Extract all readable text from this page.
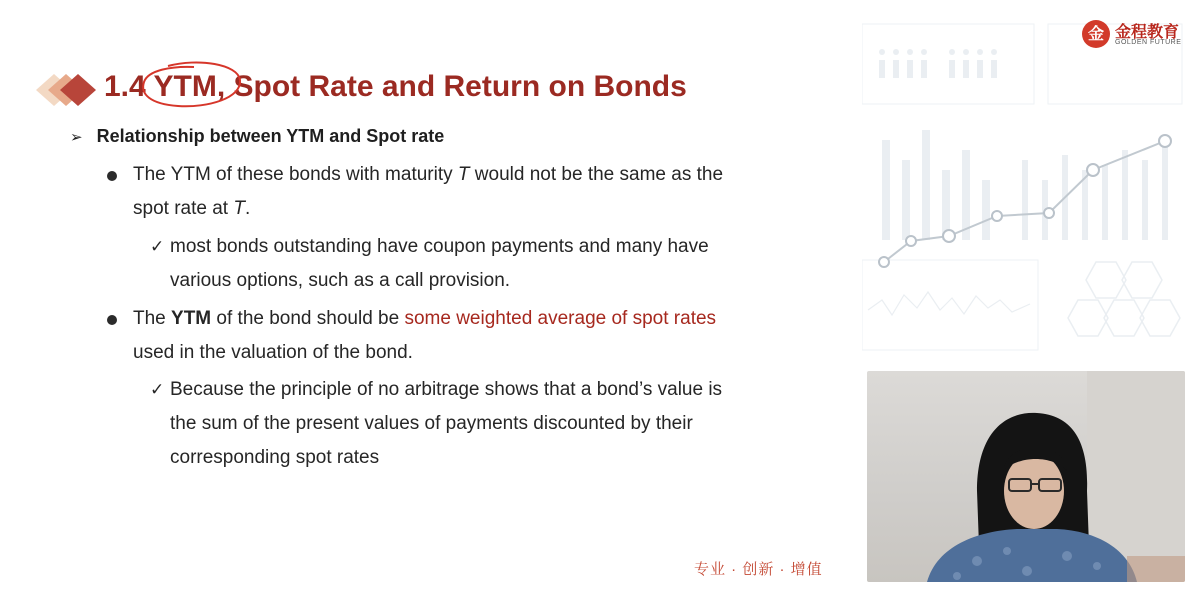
1.4 YTM, Spot Rate and Return on Bonds
➢ Relationship between YTM and Spot rate
The YTM of these bonds with maturity T would not be the same as the
spot rate at T.
✓ most bonds outstanding have coupon payments and many have
various options, such as a call provision.
The YTM of the bond should be some weighted average of spot rates
used in the valuation of the bond.
✓ Because the principle of no arbitrage shows that a bond’s value is
the sum of the present values of payments discounted by their
corresponding spot rates
专业 · 创新 · 增值
金 金程教育
GOLDEN FUTURE
